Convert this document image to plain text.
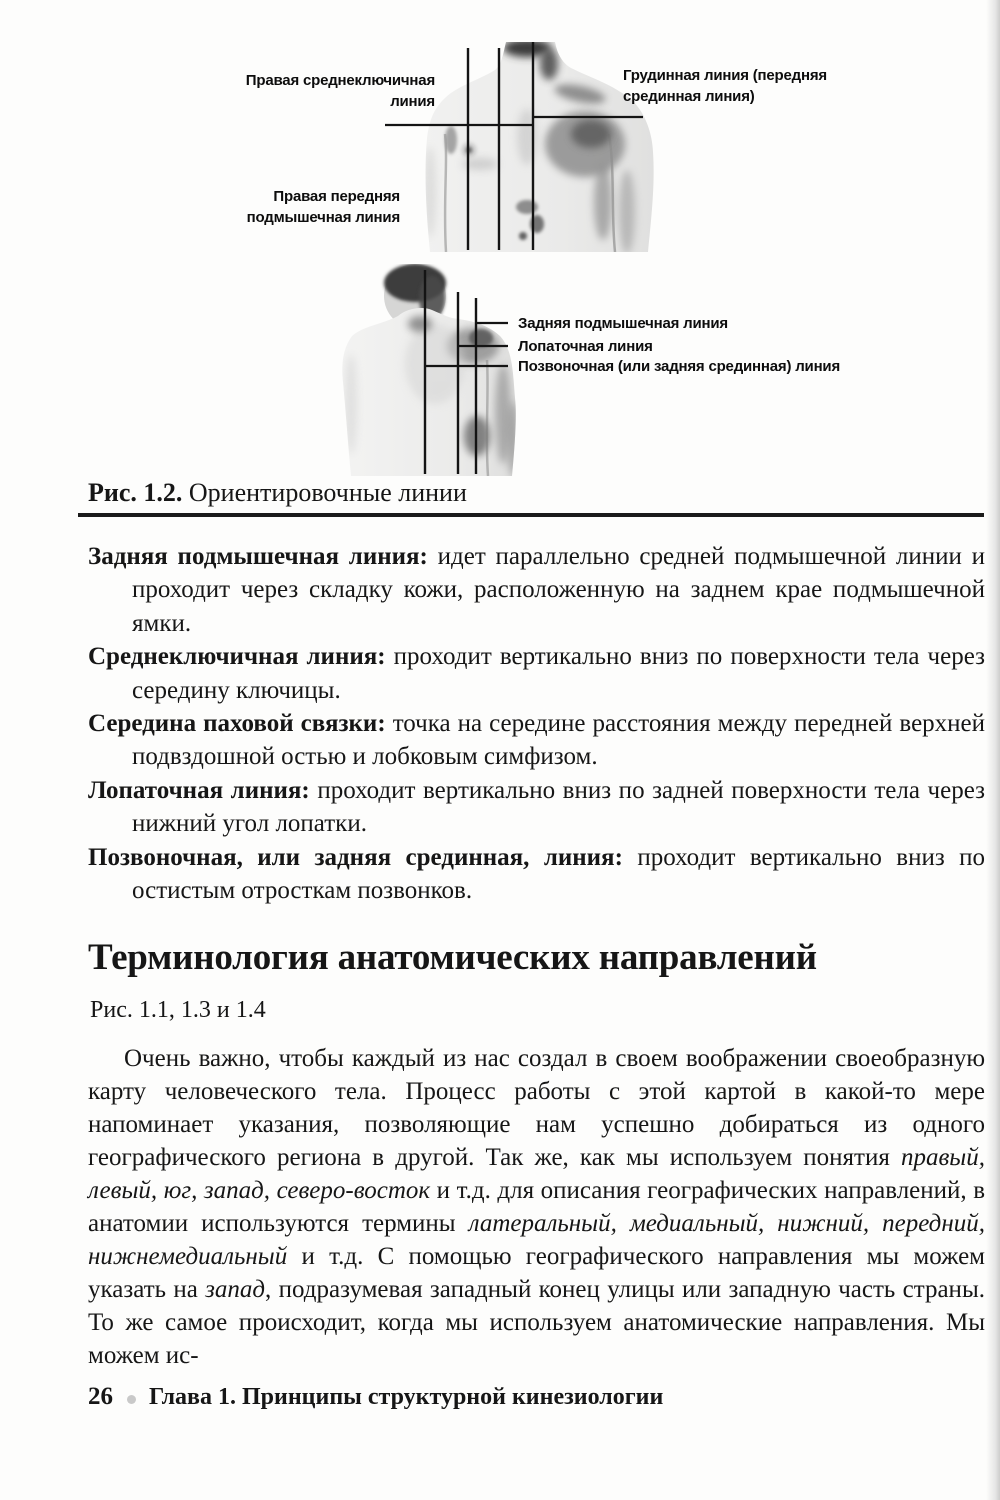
Правая среднеключичная линия
Правая передняя подмышечная линия
Грудинная линия (передняя срединная линия)
Задняя подмышечная линия
Лопаточная линия
Позвоночная (или задняя срединная) линия
Рис. 1.2. Ориентировочные линии

Задняя подмышечная линия: идет параллельно средней подмышечной линии и проходит через складку кожи, расположенную на заднем крае подмышечной ямки.

Среднеключичная линия: проходит вертикально вниз по поверхности тела через середину ключицы.

Середина паховой связки: точка на середине расстояния между передней верхней подвздошной остью и лобковым симфизом.

Лопаточная линия: проходит вертикально вниз по задней поверхности тела через нижний угол лопатки.

Позвоночная, или задняя срединная, линия: проходит вертикально вниз по остистым отросткам позвонков.

Терминология анатомических направлений
Рис. 1.1, 1.3 и 1.4

Очень важно, чтобы каждый из нас создал в своем воображении своеобразную карту человеческого тела. Процесс работы с этой картой в какой-то мере напоминает указания, позволяющие нам успешно добираться из одного географического региона в другой. Так же, как мы используем понятия правый, левый, юг, запад, северо-восток и т.д. для описания географических направлений, в анатомии используются термины латеральный, медиальный, нижний, передний, нижнемедиальный и т.д. С помощью географического направления мы можем указать на запад, подразумевая западный конец улицы или западную часть страны. То же самое происходит, когда мы используем анатомические направления. Мы можем ис-

26 Глава 1. Принципы структурной кинезиологии
